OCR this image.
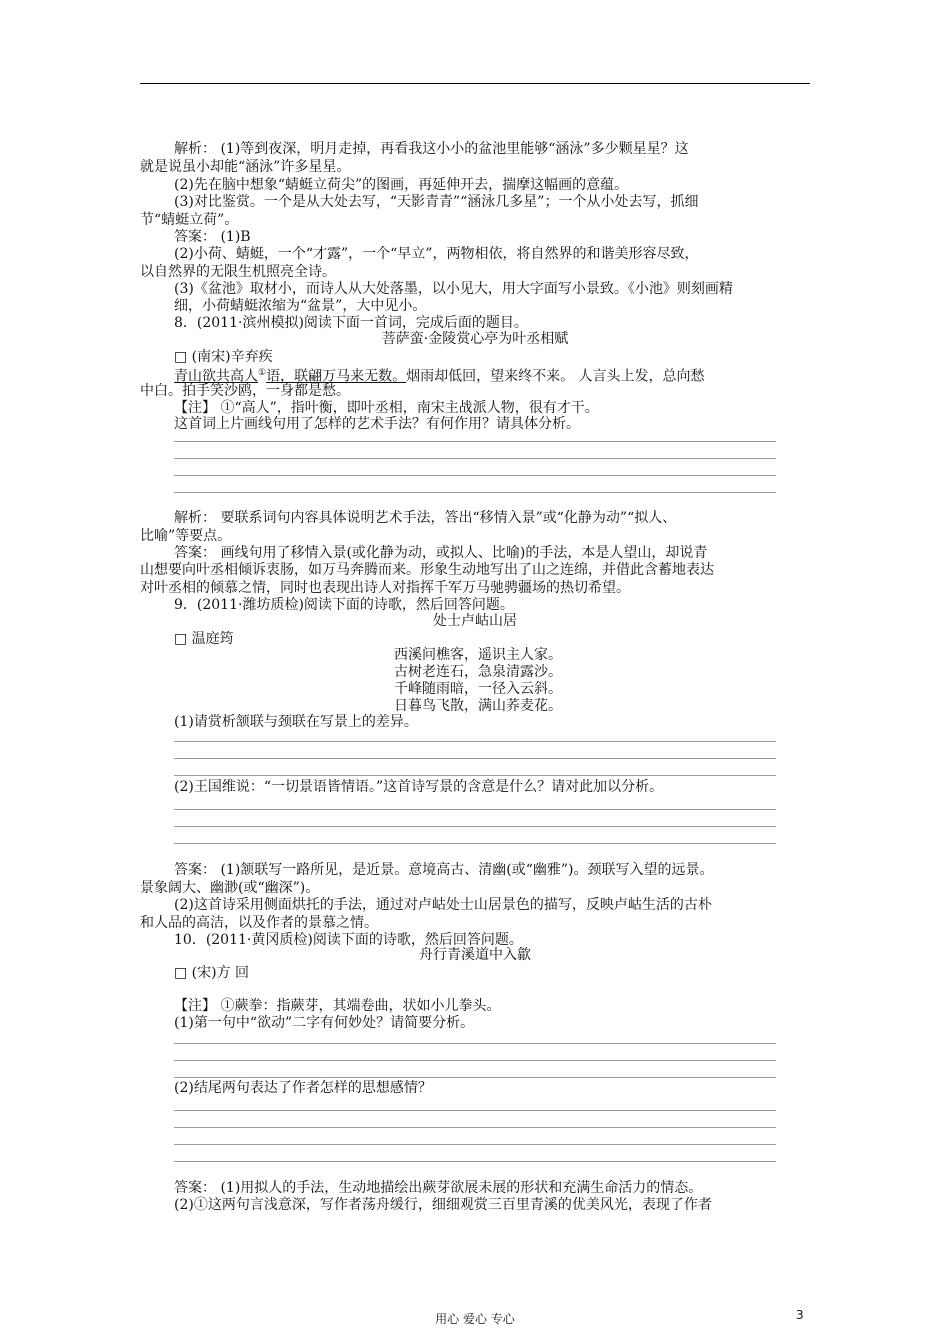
解析： (1)等到夜深，明月走掉，再看我这小小的盆池里能够“涵泳”多少颗星星？这
就是说虽小却能“涵泳”许多星星。
(2)先在脑中想象“蜻蜓立荷尖”的图画，再延伸开去，揣摩这幅画的意蕴。
(3)对比鉴赏。一个是从大处去写，“天影青青”“涵泳几多星”；一个从小处去写，抓细
节“蜻蜓立荷”。
答案： (1)B
(2)小荷、蜻蜓，一个“才露”，一个“早立”，两物相依，将自然界的和谐美形容尽致，
以自然界的无限生机照亮全诗。
(3)《盆池》取材小，而诗人从大处落墨，以小见大，用大字面写小景致。《小池》则刻画精
细，小荷蜻蜓浓缩为“盆景”，大中见小。
8．(2011·滨州模拟)阅读下面一首词，完成后面的题目。
菩萨蛮·金陵赏心亭为叶丞相赋
□ (南宋)辛弃疾
青山欲共高人①语，联翩万马来无数。烟雨却低回，望来终不来。 人言头上发，总向愁
中白。拍手笑沙鸥，一身都是愁。
【注】 ①“高人”，指叶衡，即叶丞相，南宋主战派人物，很有才干。
这首词上片画线句用了怎样的艺术手法？有何作用？请具体分析。
解析： 要联系词句内容具体说明艺术手法，答出“移情入景”或“化静为动”“拟人、
比喻”等要点。
答案： 画线句用了移情入景(或化静为动，或拟人、比喻)的手法，本是人望山，却说青
山想要向叶丞相倾诉衷肠，如万马奔腾而来。形象生动地写出了山之连绵，并借此含蓄地表达
对叶丞相的倾慕之情，同时也表现出诗人对指挥千军万马驰骋疆场的热切希望。
9．(2011·潍坊质检)阅读下面的诗歌，然后回答问题。
处士卢岵山居
□ 温庭筠
西溪问樵客，遥识主人家。
古树老连石，急泉清露沙。
千峰随雨暗，一径入云斜。
日暮鸟飞散，满山荞麦花。
(1)请赏析颔联与颈联在写景上的差异。
(2)王国维说：“一切景语皆情语。”这首诗写景的含意是什么？请对此加以分析。
答案： (1)颔联写一路所见，是近景。意境高古、清幽(或“幽雅”)。颈联写入望的远景。
景象阔大、幽渺(或“幽深”)。
(2)这首诗采用侧面烘托的手法，通过对卢岵处士山居景色的描写，反映卢岵生活的古朴
和人品的高洁，以及作者的景慕之情。
10．(2011·黄冈质检)阅读下面的诗歌，然后回答问题。
舟行青溪道中入歙
□ (宋)方 回
【注】 ①蕨拳：指蕨芽，其端卷曲，状如小儿拳头。
(1)第一句中“欲动”二字有何妙处？请简要分析。
(2)结尾两句表达了作者怎样的思想感情？
答案： (1)用拟人的手法，生动地描绘出蕨芽欲展未展的形状和充满生命活力的情态。
(2)①这两句言浅意深，写作者荡舟缓行，细细观赏三百里青溪的优美风光，表现了作者
用心 爱心 专心	3
